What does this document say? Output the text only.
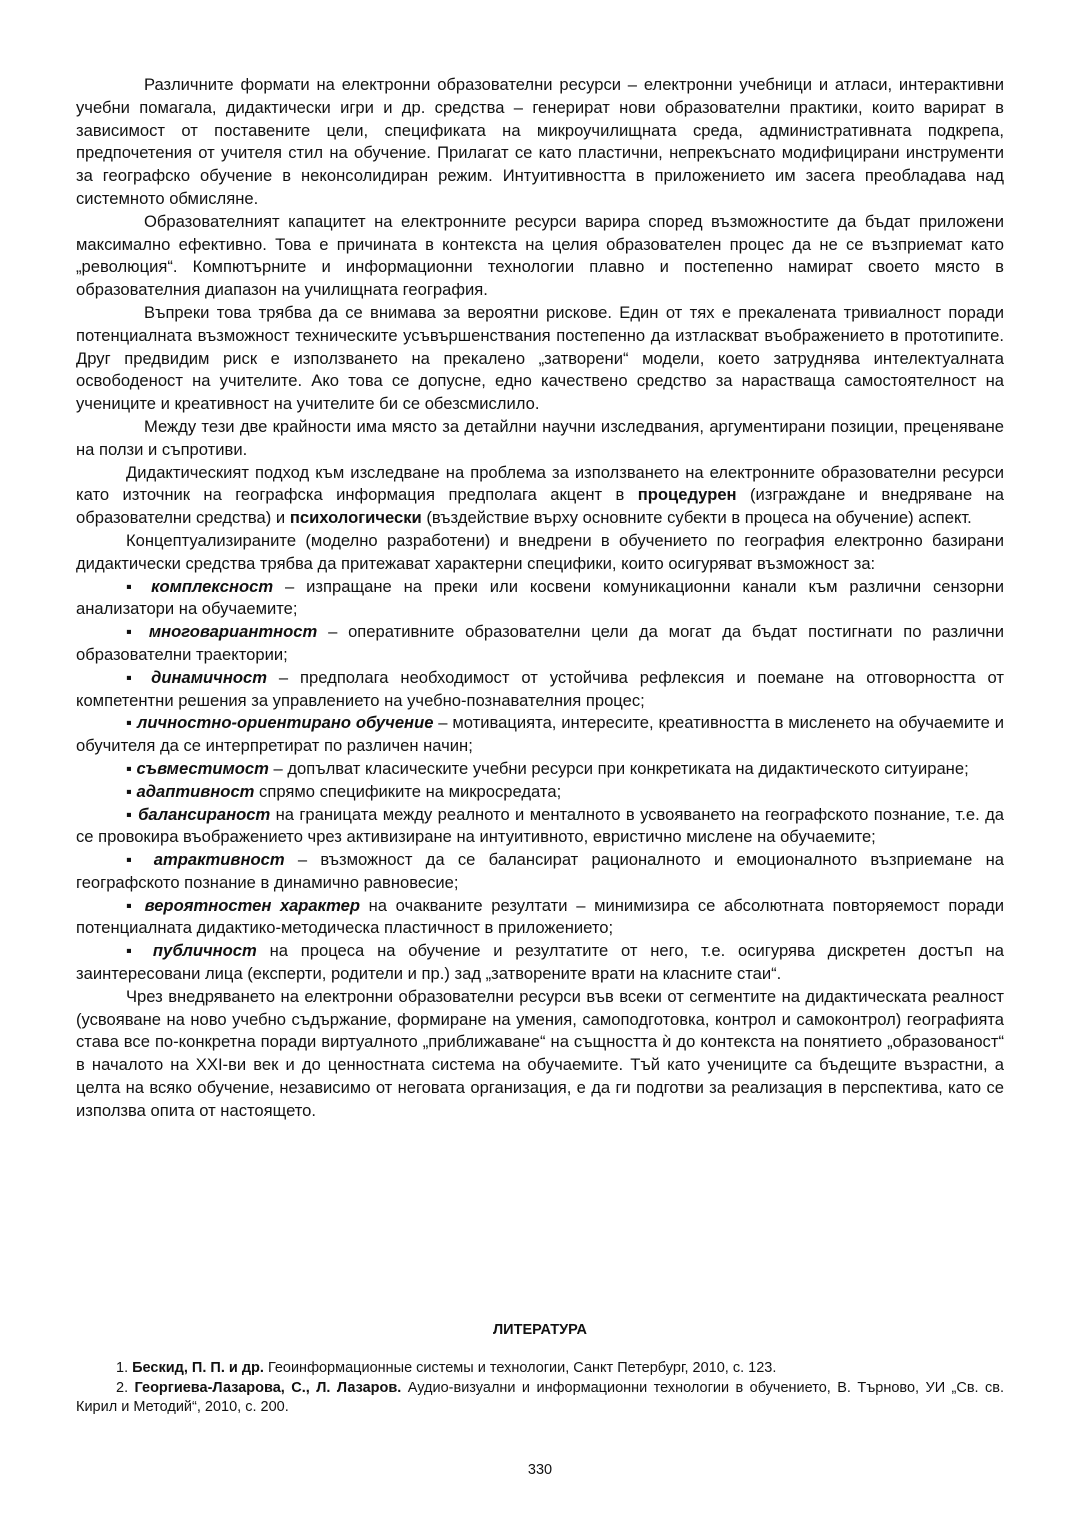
Различните формати на електронни образователни ресурси – електронни учебници и атласи, интерактивни учебни помагала, дидактически игри и др. средства – генерират нови образователни практики, които варират в зависимост от поставените цели, спецификата на микроучилищната среда, административната подкрепа, предпочетения от учителя стил на обучение. Прилагат се като пластични, непрекъснато модифицирани инструменти за географско обучение в неконсолидиран режим. Интуитивността в приложението им засега преобладава над системното обмисляне.

Образователният капацитет на електронните ресурси варира според възможностите да бъдат приложени максимално ефективно. Това е причината в контекста на целия образователен процес да не се възприемат като „революция“. Компютърните и информационни технологии плавно и постепенно намират своето място в образователния диапазон на училищната география.

Въпреки това трябва да се внимава за вероятни рискове. Един от тях е прекалената тривиалност поради потенциалната възможност техническите усъвършенствания постепенно да изтласкват въображението в прототипите. Друг предвидим риск е използването на прекалено „затворени“ модели, което затруднява интелектуалната освободеност на учителите. Ако това се допусне, едно качествено средство за нарастваща самостоятелност на учениците и креативност на учителите би се обезсмислило.

Между тези две крайности има място за детайлни научни изследвания, аргументирани позиции, преценяване на ползи и съпротиви.

Дидактическият подход към изследване на проблема за използването на електронните образователни ресурси като източник на географска информация предполага акцент в процедурен (изграждане и внедряване на образователни средства) и психологически (въздействие върху основните субекти в процеса на обучение) аспект.

Концептуализираните (моделно разработени) и внедрени в обучението по география електронно базирани дидактически средства трябва да притежават характерни специфики, които осигуряват възможност за:

▪ комплексност – изпращане на преки или косвени комуникационни канали към различни сензорни анализатори на обучаемите;

▪ многовариантност – оперативните образователни цели да могат да бъдат постигнати по различни образователни траектории;

▪ динамичност – предполага необходимост от устойчива рефлексия и поемане на отговорността от компетентни решения за управлението на учебно-познавателния процес;

▪ личностно-ориентирано обучение – мотивацията, интересите, креативността в мисленето на обучаемите и обучителя да се интерпретират по различен начин;

▪ съвместимост – допълват класическите учебни ресурси при конкретиката на дидактическото ситуиране;

▪ адаптивност спрямо спецификите на микросредата;

▪ балансираност на границата между реалното и менталното в усвояването на географското познание, т.е. да се провокира въображението чрез активизиране на интуитивното, евристично мислене на обучаемите;

▪ атрактивност – възможност да се балансират рационалното и емоционалното възприемане на географското познание в динамично равновесие;

▪ вероятностен характер на очакваните резултати – минимизира се абсолютната повторяемост поради потенциалната дидактико-методическа пластичност в приложението;

▪ публичност на процеса на обучение и резултатите от него, т.е. осигурява дискретен достъп на заинтересовани лица (експерти, родители и пр.) зад „затворените врати на класните стаи“.

Чрез внедряването на електронни образователни ресурси във всеки от сегментите на дидактическата реалност (усвояване на ново учебно съдържание, формиране на умения, самоподготовка, контрол и самоконтрол) географията става все по-конкретна поради виртуалното „приближаване“ на същността ѝ до контекста на понятието „образованост“ в началото на XXI-ви век и до ценностната система на обучаемите. Тъй като учениците са бъдещите възрастни, а целта на всяко обучение, независимо от неговата организация, е да ги подготви за реализация в перспектива, като се използва опита от настоящето.

ЛИТЕРАТУРА

1. Бескид, П. П. и др. Геоинформационные системы и технологии, Санкт Петербург, 2010, с. 123.

2. Георгиева-Лазарова, С., Л. Лазаров. Аудио-визуални и информационни технологии в обучението, В. Търново, УИ „Св. св. Кирил и Методий“, 2010, с. 200.

330
